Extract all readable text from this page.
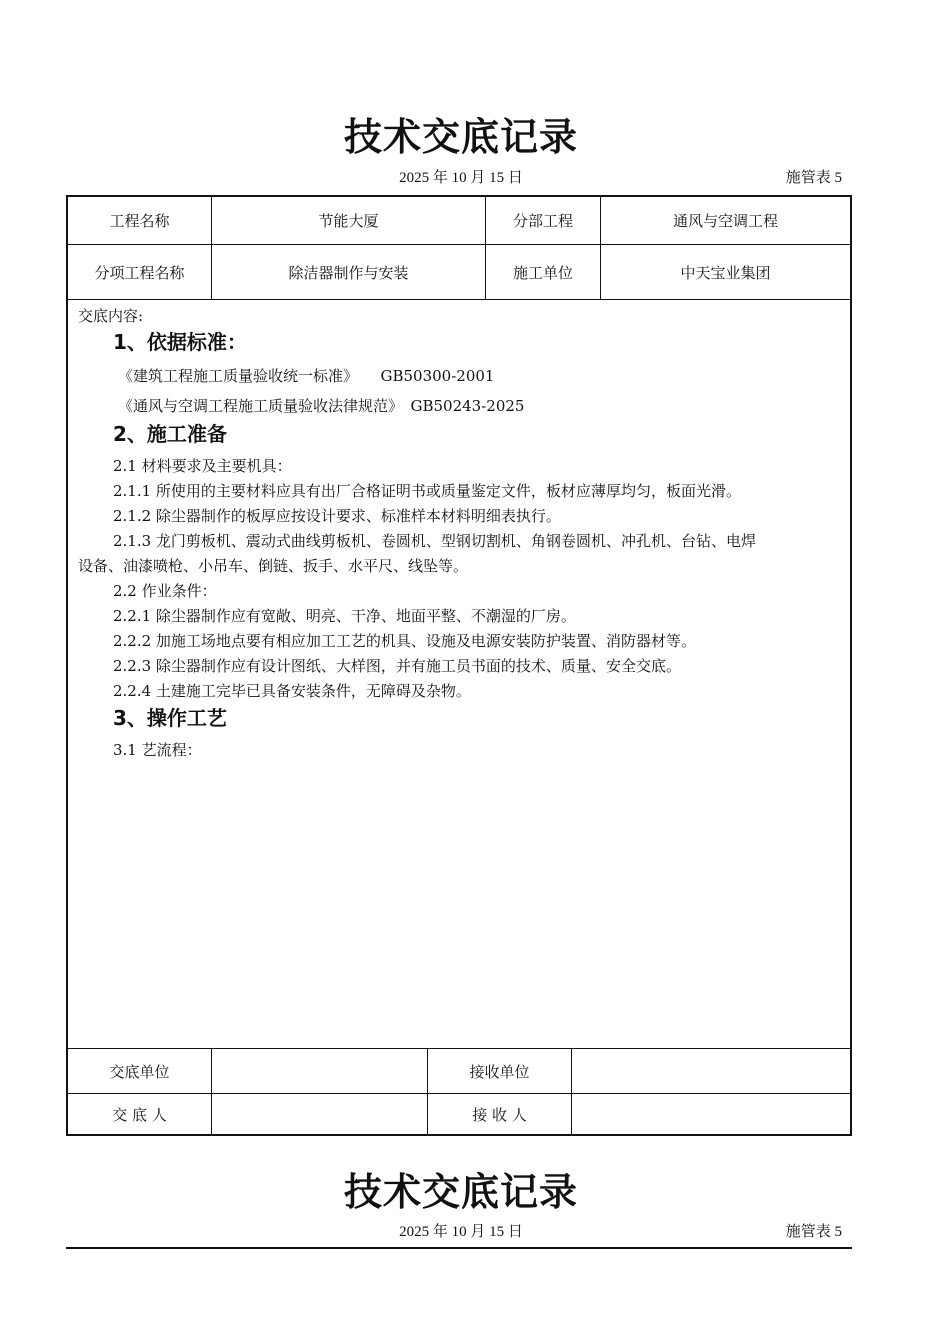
技术交底记录
2025 年 10 月 15 日	施管表 5
工程名称	节能大厦	分部工程	通风与空调工程
分项工程名称	除洁器制作与安装	施工单位	中天宝业集团
交底内容:
1、依据标准：
《建筑工程施工质量验收统一标准》　　GB50300-2001
《通风与空调工程施工质量验收法律规范》　GB50243-2025
2、施工准备
2.1 材料要求及主要机具：
2.1.1 所使用的主要材料应具有出厂合格证明书或质量鉴定文件，板材应薄厚均匀，板面光滑。
2.1.2 除尘器制作的板厚应按设计要求、标准样本材料明细表执行。
2.1.3 龙门剪板机、震动式曲线剪板机、卷圆机、型钢切割机、角钢卷圆机、冲孔机、台钻、电焊
设备、油漆喷枪、小吊车、倒链、扳手、水平尺、线坠等。
2.2 作业条件：
2.2.1 除尘器制作应有宽敞、明亮、干净、地面平整、不潮湿的厂房。
2.2.2 加施工场地点要有相应加工工艺的机具、设施及电源安装防护装置、消防器材等。
2.2.3 除尘器制作应有设计图纸、大样图，并有施工员书面的技术、质量、安全交底。
2.2.4 土建施工完毕已具备安装条件，无障碍及杂物。
3、操作工艺
3.1 艺流程：
交底单位	接收单位
交 底 人	接 收 人
技术交底记录
2025 年 10 月 15 日	施管表 5
